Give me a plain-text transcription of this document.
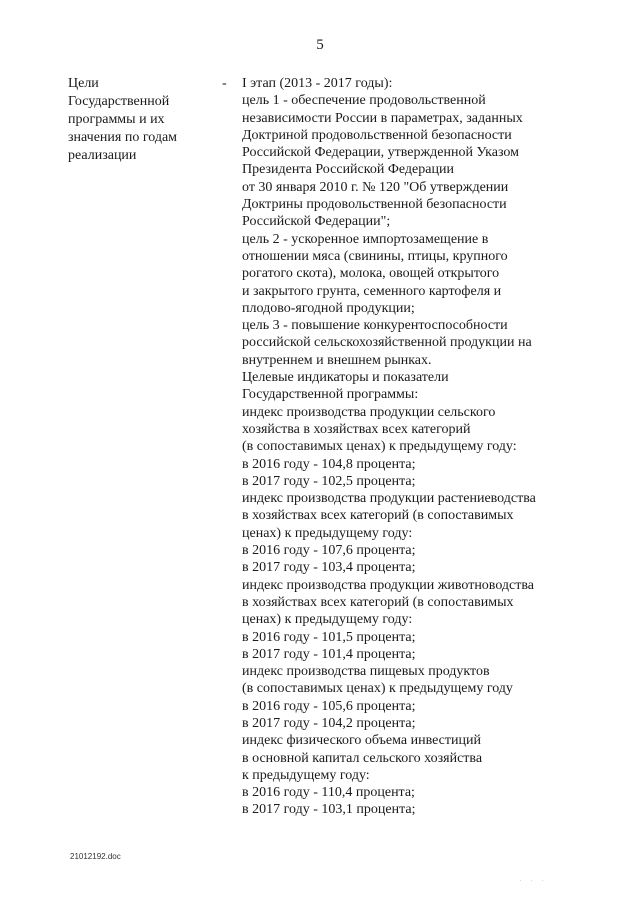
5
Цели
Государственной
программы и их
значения по годам
реализации
- I этап (2013 - 2017 годы):
цель 1 - обеспечение продовольственной
независимости России в параметрах, заданных
Доктриной продовольственной безопасности
Российской Федерации, утвержденной Указом
Президента Российской Федерации
от 30 января 2010 г. № 120 "Об утверждении
Доктрины продовольственной безопасности
Российской Федерации";
цель 2 - ускоренное импортозамещение в
отношении мяса (свинины, птицы, крупного
рогатого скота), молока, овощей открытого
и закрытого грунта, семенного картофеля и
плодово-ягодной продукции;
цель 3 - повышение конкурентоспособности
российской сельскохозяйственной продукции на
внутреннем и внешнем рынках.
Целевые индикаторы и показатели
Государственной программы:
индекс производства продукции сельского
хозяйства в хозяйствах всех категорий
(в сопоставимых ценах) к предыдущему году:
в 2016 году - 104,8 процента;
в 2017 году - 102,5 процента;
индекс производства продукции растениеводства
в хозяйствах всех категорий (в сопоставимых
ценах) к предыдущему году:
в 2016 году - 107,6 процента;
в 2017 году - 103,4 процента;
индекс производства продукции животноводства
в хозяйствах всех категорий (в сопоставимых
ценах) к предыдущему году:
в 2016 году - 101,5 процента;
в 2017 году - 101,4 процента;
индекс производства пищевых продуктов
(в сопоставимых ценах) к предыдущему году
в 2016 году - 105,6 процента;
в 2017 году - 104,2 процента;
индекс физического объема инвестиций
в основной капитал сельского хозяйства
к предыдущему году:
в 2016 году - 110,4 процента;
в 2017 году - 103,1 процента;
21012192.doc
. . .
